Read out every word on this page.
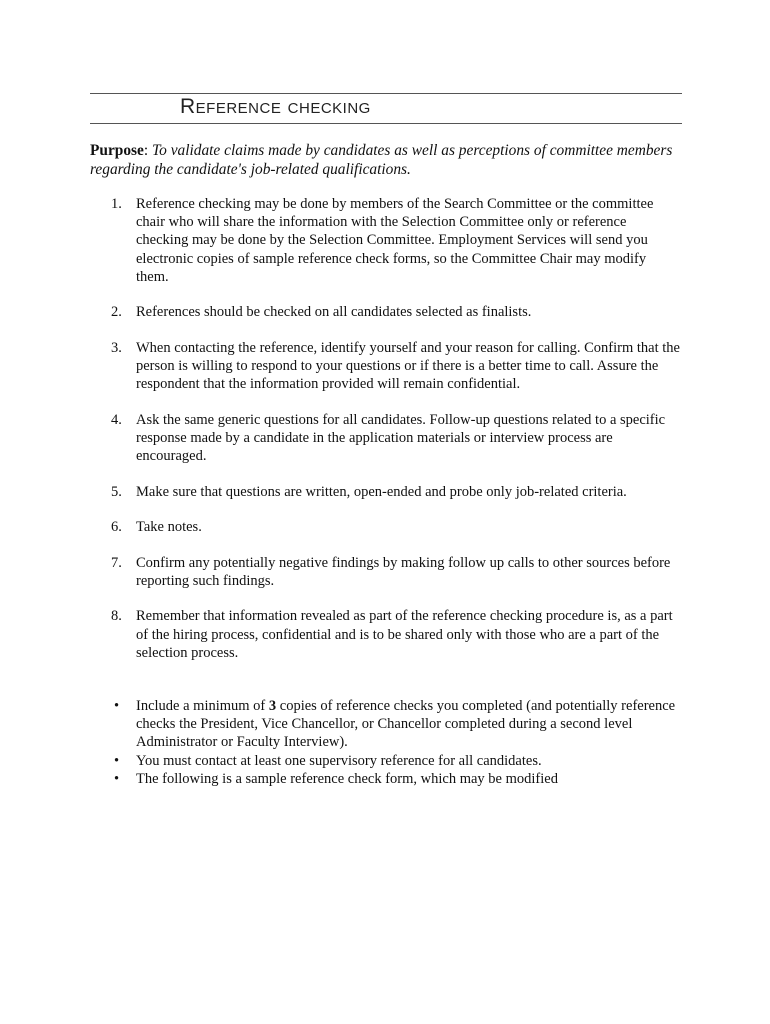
Reference checking
Purpose: To validate claims made by candidates as well as perceptions of committee members regarding the candidate's job-related qualifications.
1. Reference checking may be done by members of the Search Committee or the committee chair who will share the information with the Selection Committee only or reference checking may be done by the Selection Committee. Employment Services will send you electronic copies of sample reference check forms, so the Committee Chair may modify them.
2. References should be checked on all candidates selected as finalists.
3. When contacting the reference, identify yourself and your reason for calling. Confirm that the person is willing to respond to your questions or if there is a better time to call. Assure the respondent that the information provided will remain confidential.
4. Ask the same generic questions for all candidates. Follow-up questions related to a specific response made by a candidate in the application materials or interview process are encouraged.
5. Make sure that questions are written, open-ended and probe only job-related criteria.
6. Take notes.
7. Confirm any potentially negative findings by making follow up calls to other sources before reporting such findings.
8. Remember that information revealed as part of the reference checking procedure is, as a part of the hiring process, confidential and is to be shared only with those who are a part of the selection process.
• Include a minimum of 3 copies of reference checks you completed (and potentially reference checks the President, Vice Chancellor, or Chancellor completed during a second level Administrator or Faculty Interview).
• You must contact at least one supervisory reference for all candidates.
• The following is a sample reference check form, which may be modified
